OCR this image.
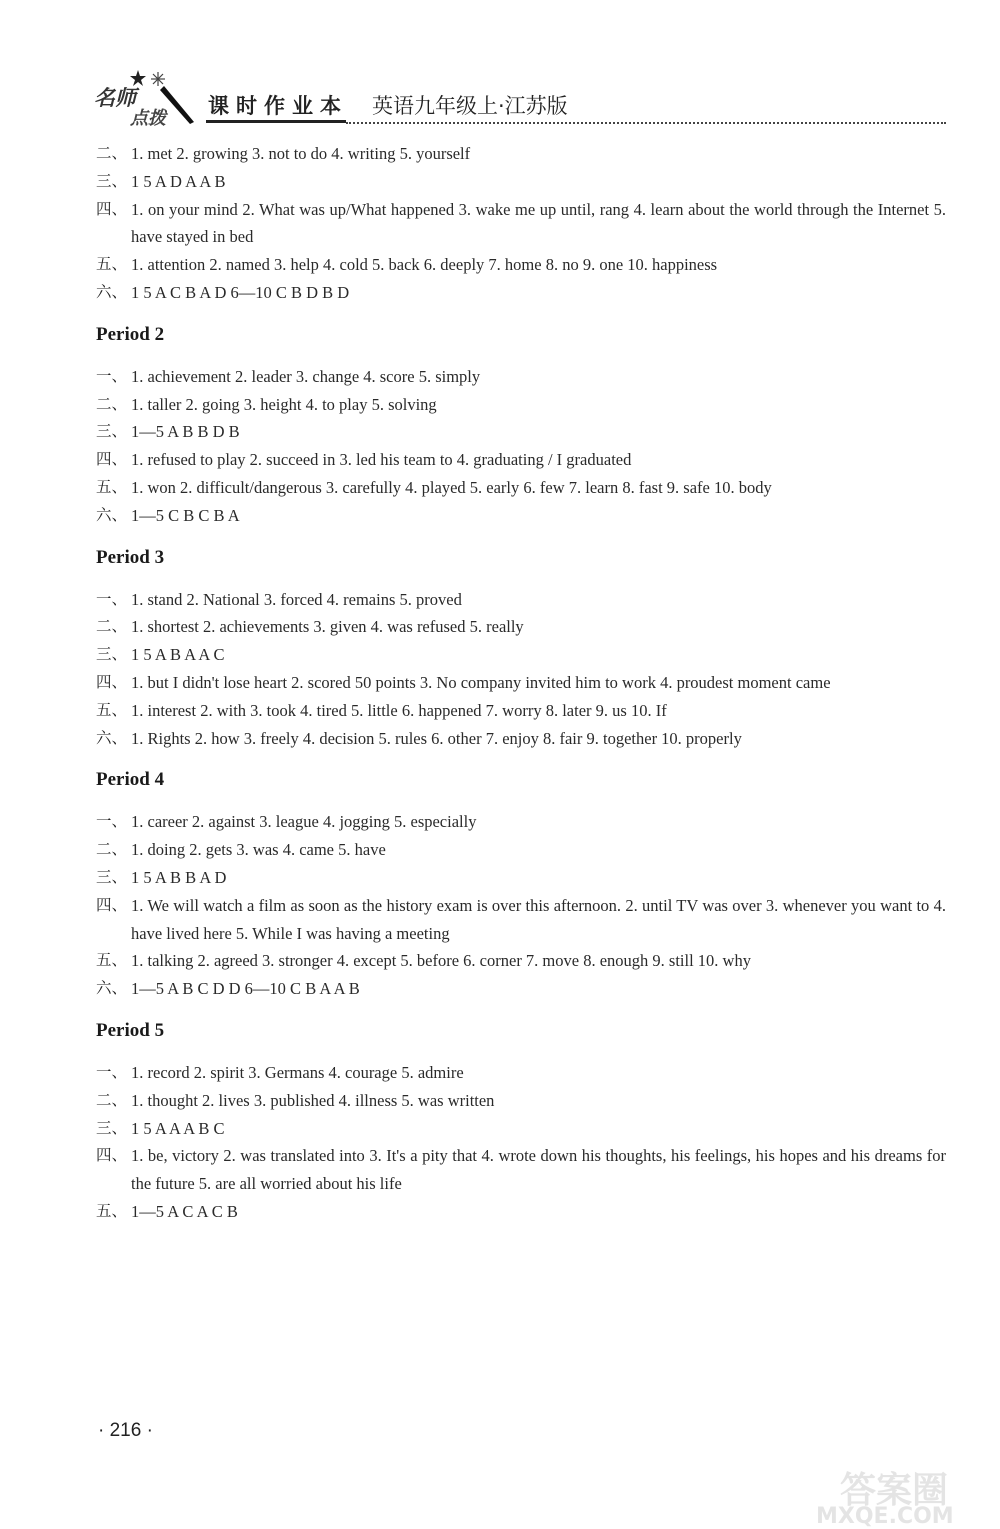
名师
点拨
课时作业本 英语九年级上·江苏版
二、 1. met 2. growing 3. not to do 4. writing 5. yourself
三、 1 5 A D A A B
四、 1. on your mind 2. What was up/What happened 3. wake me up until, rang 4. learn about the world through the Internet 5. have stayed in bed
五、 1. attention 2. named 3. help 4. cold 5. back 6. deeply 7. home 8. no 9. one 10. happiness
六、 1 5 A C B A D 6—10 C B D B D
Period 2
一、 1. achievement 2. leader 3. change 4. score 5. simply
二、 1. taller 2. going 3. height 4. to play 5. solving
三、 1—5 A B B D B
四、 1. refused to play 2. succeed in 3. led his team to 4. graduating / I graduated
五、 1. won 2. difficult/dangerous 3. carefully 4. played 5. early 6. few 7. learn 8. fast 9. safe 10. body
六、 1—5 C B C B A
Period 3
一、 1. stand 2. National 3. forced 4. remains 5. proved
二、 1. shortest 2. achievements 3. given 4. was refused 5. really
三、 1 5 A B A A C
四、 1. but I didn't lose heart 2. scored 50 points 3. No company invited him to work 4. proudest moment came
五、 1. interest 2. with 3. took 4. tired 5. little 6. happened 7. worry 8. later 9. us 10. If
六、 1. Rights 2. how 3. freely 4. decision 5. rules 6. other 7. enjoy 8. fair 9. together 10. properly
Period 4
一、 1. career 2. against 3. league 4. jogging 5. especially
二、 1. doing 2. gets 3. was 4. came 5. have
三、 1 5 A B B A D
四、 1. We will watch a film as soon as the history exam is over this afternoon. 2. until TV was over 3. whenever you want to 4. have lived here 5. While I was having a meeting
五、 1. talking 2. agreed 3. stronger 4. except 5. before 6. corner 7. move 8. enough 9. still 10. why
六、 1—5 A B C D D 6—10 C B A A B
Period 5
一、 1. record 2. spirit 3. Germans 4. courage 5. admire
二、 1. thought 2. lives 3. published 4. illness 5. was written
三、 1 5 A A A B C
四、 1. be, victory 2. was translated into 3. It's a pity that 4. wrote down his thoughts, his feelings, his hopes and his dreams for the future 5. are all worried about his life
五、 1—5 A C A C B
· 216 ·
答案圈
MXQE.COM
